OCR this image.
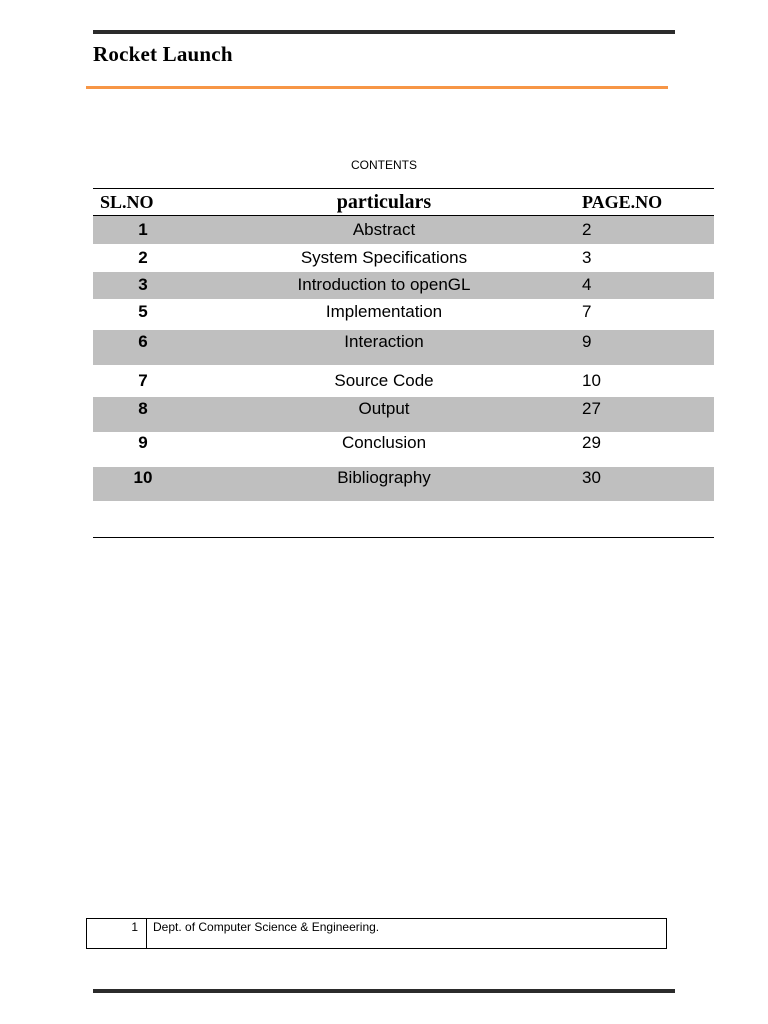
Rocket Launch
CONTENTS
SL.NO	particulars	PAGE.NO
1	Abstract	2
2	System Specifications	3
3	Introduction to openGL	4
5	Implementation	7
6	Interaction	9
7	Source Code	10
8	Output	27
9	Conclusion	29
10	Bibliography	30
1	Dept. of Computer Science & Engineering.
